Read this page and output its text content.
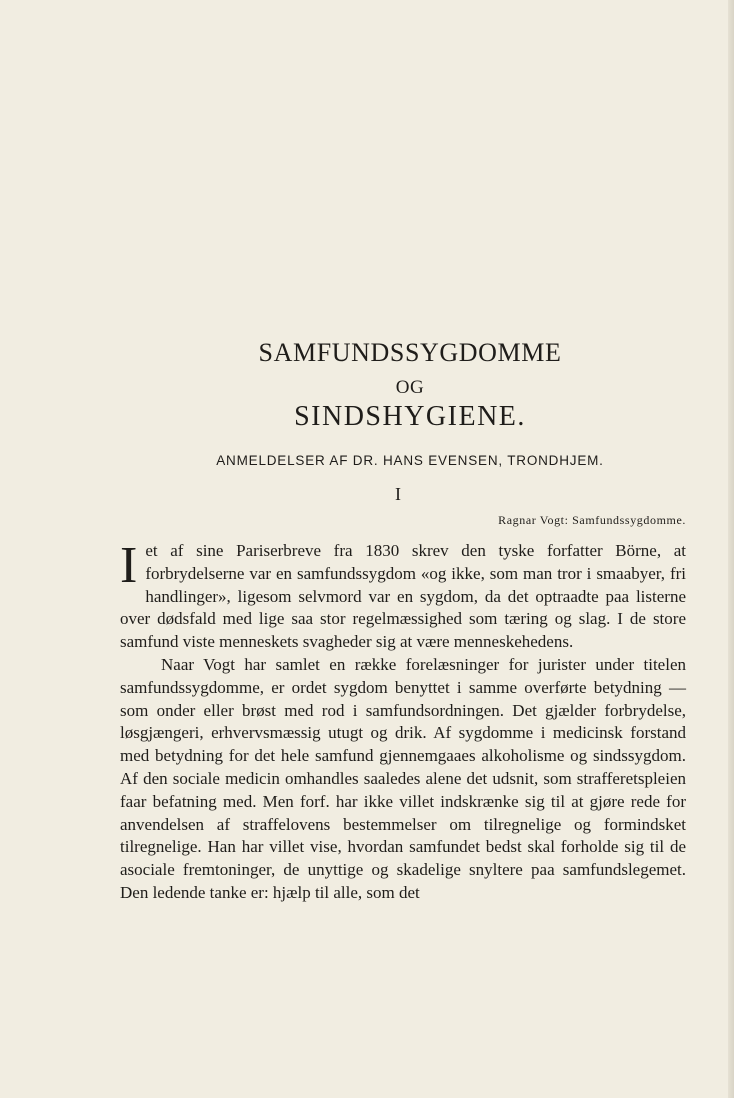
SAMFUNDSSYGDOMME
OG
SINDSHYGIENE.
ANMELDELSER AF DR. HANS EVENSEN, TRONDHJEM.
I
Ragnar Vogt: Samfundssygdomme.

Iet af sine Pariserbreve fra 1830 skrev den tyske forfatter Börne, at forbrydelserne var en samfundssygdom «og ikke, som man tror i smaabyer, fri handlinger», ligesom selvmord var en sygdom, da det optraadte paa listerne over dødsfald med lige saa stor regelmæssighed som tæring og slag. I de store samfund viste menneskets svagheder sig at være menneskehedens.

Naar Vogt har samlet en række forelæsninger for jurister under titelen samfundssygdomme, er ordet sygdom benyttet i samme overførte betydning — som onder eller brøst med rod i samfundsordningen. Det gjælder forbrydelse, løsgjængeri, erhvervsmæssig utugt og drik. Af sygdomme i medicinsk forstand med betydning for det hele samfund gjennemgaaes alkoholisme og sindssygdom. Af den sociale medicin omhandles saaledes alene det udsnit, som strafferetspleien faar befatning med. Men forf. har ikke villet indskrænke sig til at gjøre rede for anvendelsen af straffelovens bestemmelser om tilregnelige og formindsket tilregnelige. Han har villet vise, hvordan samfundet bedst skal forholde sig til de asociale fremtoninger, de unyttige og skadelige snyltere paa samfundslegemet. Den ledende tanke er: hjælp til alle, som det
